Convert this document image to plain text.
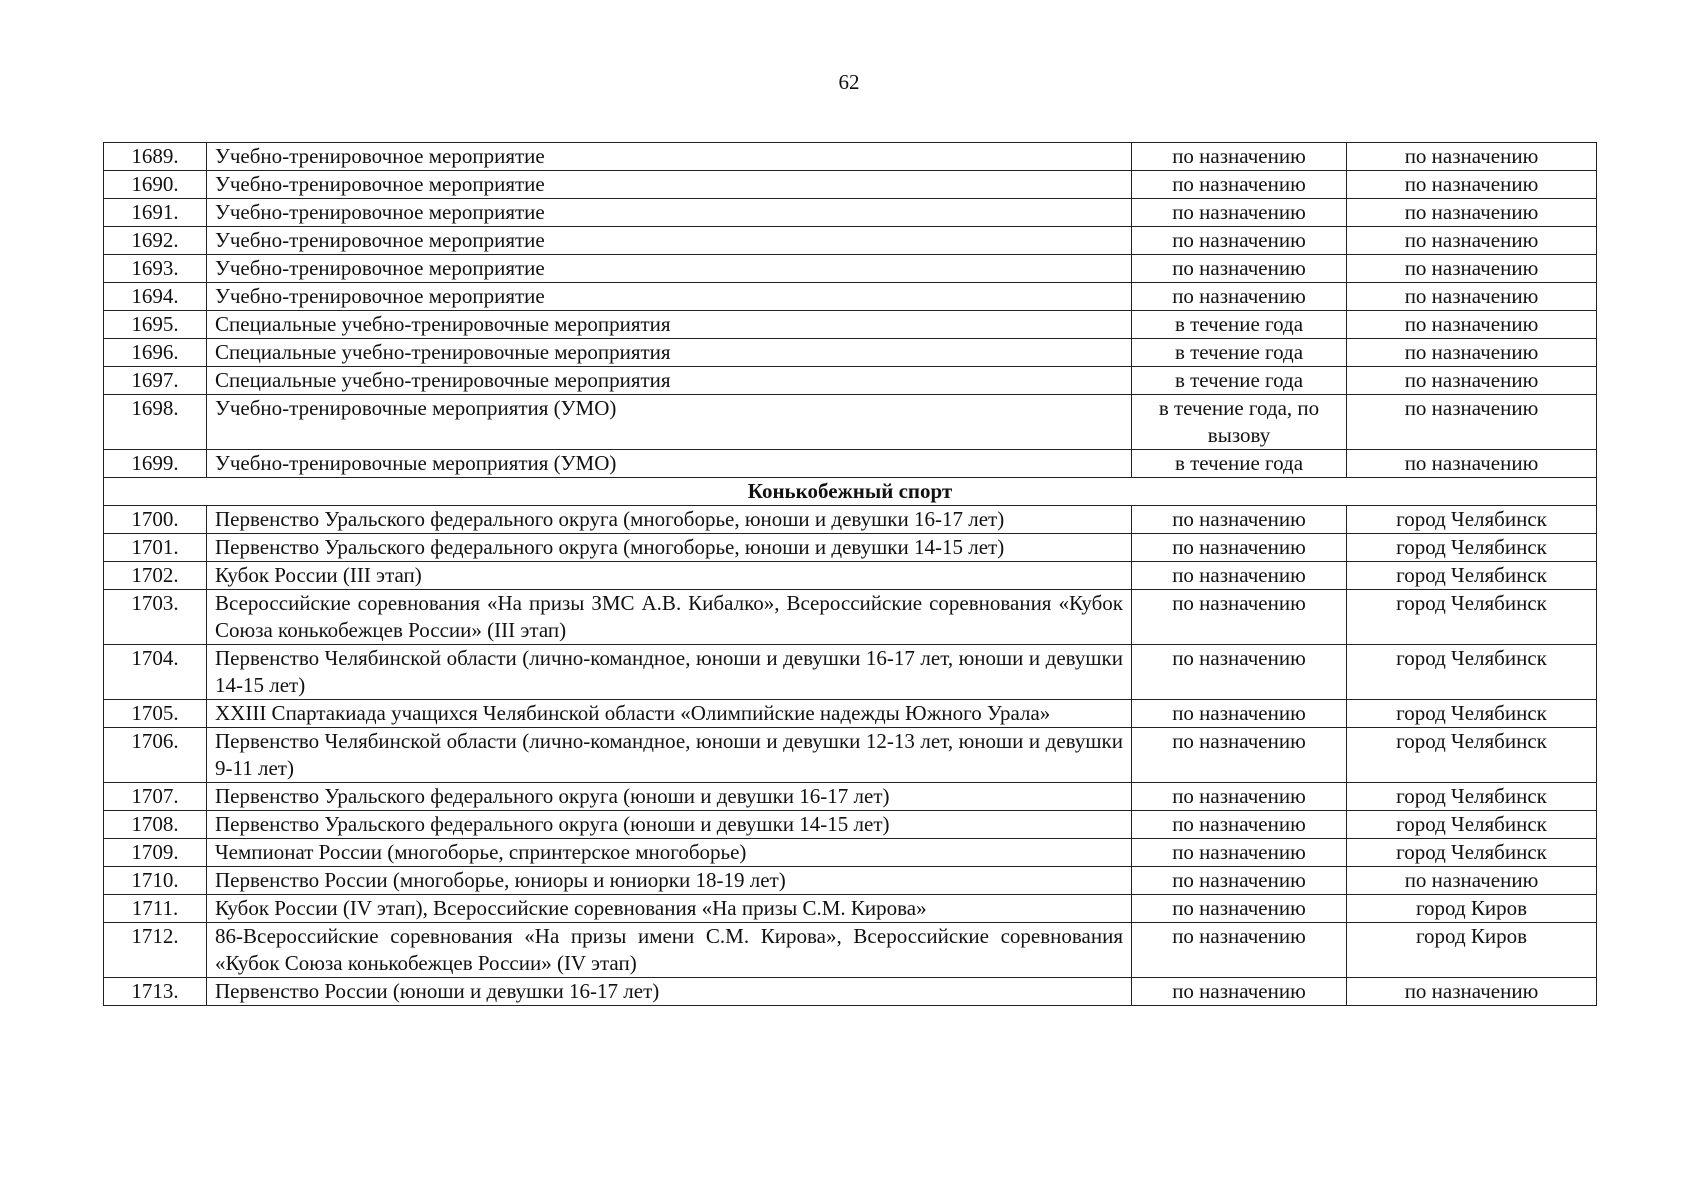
62
1689.	Учебно-тренировочное мероприятие	по назначению	по назначению
1690.	Учебно-тренировочное мероприятие	по назначению	по назначению
1691.	Учебно-тренировочное мероприятие	по назначению	по назначению
1692.	Учебно-тренировочное мероприятие	по назначению	по назначению
1693.	Учебно-тренировочное мероприятие	по назначению	по назначению
1694.	Учебно-тренировочное мероприятие	по назначению	по назначению
1695.	Специальные учебно-тренировочные мероприятия	в течение года	по назначению
1696.	Специальные учебно-тренировочные мероприятия	в течение года	по назначению
1697.	Специальные учебно-тренировочные мероприятия	в течение года	по назначению
1698.	Учебно-тренировочные мероприятия (УМО)	в течение года, по вызову	по назначению
1699.	Учебно-тренировочные мероприятия (УМО)	в течение года	по назначению
Конькобежный спорт			
1700.	Первенство Уральского федерального округа (многоборье, юноши и девушки 16-17 лет)	по назначению	город Челябинск
1701.	Первенство Уральского федерального округа (многоборье, юноши и девушки 14-15 лет)	по назначению	город Челябинск
1702.	Кубок России (III этап)	по назначению	город Челябинск
1703.	Всероссийские соревнования «На призы ЗМС А.В. Кибалко», Всероссийские соревнования «Кубок Союза конькобежцев России» (III этап)	по назначению	город Челябинск
1704.	Первенство Челябинской области (лично-командное, юноши и девушки 16-17 лет, юноши и девушки 14-15 лет)	по назначению	город Челябинск
1705.	XXIII Спартакиада учащихся Челябинской области «Олимпийские надежды Южного Урала»	по назначению	город Челябинск
1706.	Первенство Челябинской области (лично-командное, юноши и девушки 12-13 лет, юноши и девушки 9-11 лет)	по назначению	город Челябинск
1707.	Первенство Уральского федерального округа (юноши и девушки 16-17 лет)	по назначению	город Челябинск
1708.	Первенство Уральского федерального округа (юноши и девушки 14-15 лет)	по назначению	город Челябинск
1709.	Чемпионат России (многоборье, спринтерское многоборье)	по назначению	город Челябинск
1710.	Первенство России (многоборье, юниоры и юниорки 18-19 лет)	по назначению	по назначению
1711.	Кубок России (IV этап), Всероссийские соревнования «На призы С.М. Кирова»	по назначению	город Киров
1712.	86-Всероссийские соревнования «На призы имени С.М. Кирова», Всероссийские соревнования «Кубок Союза конькобежцев России» (IV этап)	по назначению	город Киров
1713.	Первенство России (юноши и девушки 16-17 лет)	по назначению	по назначению
